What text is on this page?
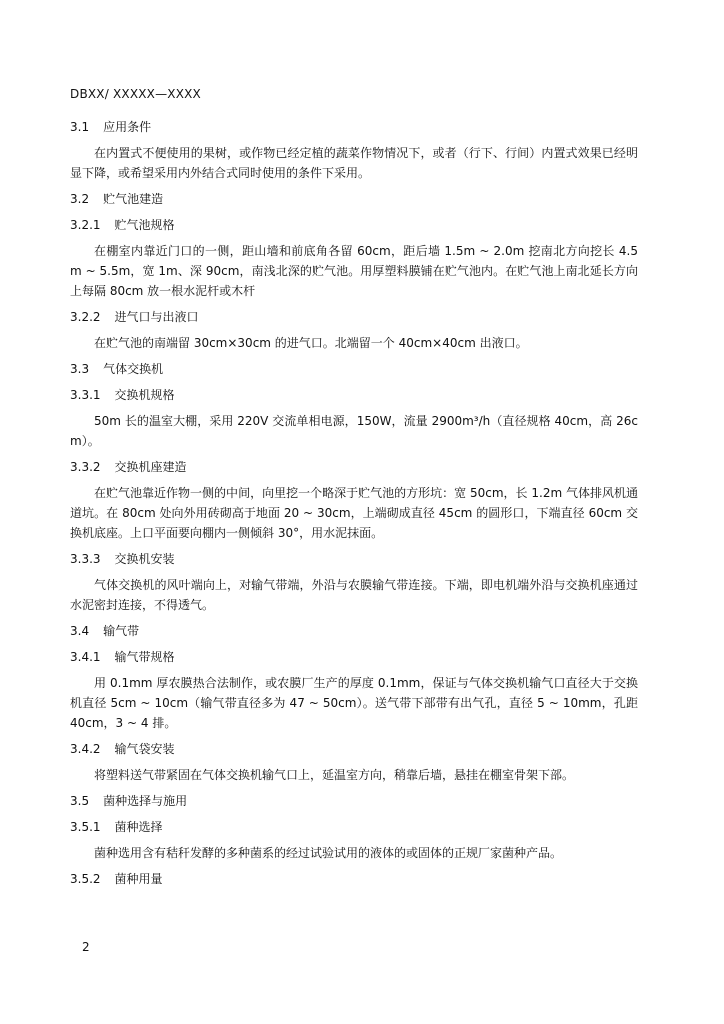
DBXX/ XXXXX—XXXX
3.1 应用条件

在内置式不便使用的果树，或作物已经定植的蔬菜作物情况下，或者（行下、行间）内置式效果已经明显下降，或希望采用内外结合式同时使用的条件下采用。

3.2 贮气池建造
3.2.1 贮气池规格

在棚室内靠近门口的一侧，距山墙和前底角各留 60cm，距后墙 1.5m ~ 2.0m 挖南北方向挖长 4.5 m ~ 5.5m，宽 1m、深 90cm，南浅北深的贮气池。用厚塑料膜铺在贮气池内。在贮气池上南北延长方向上每隔 80cm 放一根水泥杆或木杆

3.2.2 进气口与出液口

在贮气池的南端留 30cm×30cm 的进气口。北端留一个 40cm×40cm 出液口。

3.3 气体交换机
3.3.1 交换机规格

50m 长的温室大棚，采用 220V 交流单相电源，150W，流量 2900m³/h（直径规格 40cm，高 26cm）。

3.3.2 交换机座建造

在贮气池靠近作物一侧的中间，向里挖一个略深于贮气池的方形坑：宽 50cm，长 1.2m 气体排风机通道坑。在 80cm 处向外用砖砌高于地面 20 ~ 30cm，上端砌成直径 45cm 的圆形口，下端直径 60cm 交换机底座。上口平面要向棚内一侧倾斜 30°，用水泥抹面。

3.3.3 交换机安装

气体交换机的风叶端向上，对输气带端，外沿与农膜输气带连接。下端，即电机端外沿与交换机座通过水泥密封连接，不得透气。

3.4 输气带
3.4.1 输气带规格

用 0.1mm 厚农膜热合法制作，或农膜厂生产的厚度 0.1mm，保证与气体交换机输气口直径大于交换机直径 5cm ~ 10cm（输气带直径多为 47 ~ 50cm）。送气带下部带有出气孔，直径 5 ~ 10mm，孔距 40cm，3 ~ 4 排。

3.4.2 输气袋安装

将塑料送气带紧固在气体交换机输气口上，延温室方向，稍靠后墙，悬挂在棚室骨架下部。

3.5 菌种选择与施用
3.5.1 菌种选择

菌种选用含有秸秆发酵的多种菌系的经过试验试用的液体的或固体的正规厂家菌种产品。

3.5.2 菌种用量
2
